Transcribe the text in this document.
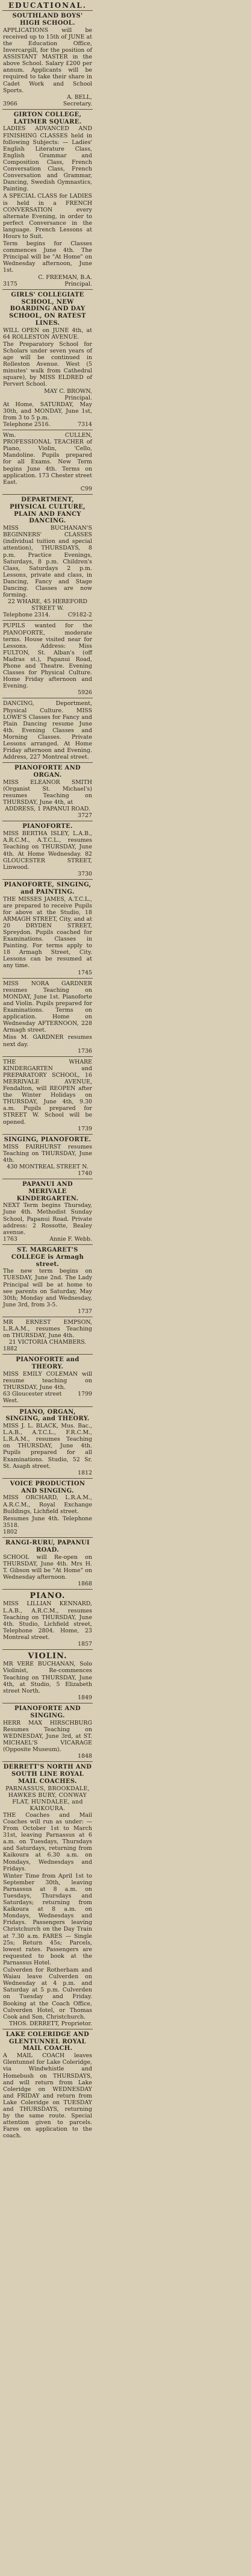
EDUCATIONAL.
SOUTHLAND BOYS' HIGH SCHOOL.

APPLICATIONS will be received up to 15th of JUNE at the Education Office, Invercargill, for the position of ASSISTANT MASTER in the above School. Salary £200 per annum. Applicants will be required to take their share in Cadet Work and School Sports.

A. BELL,
3966	Secretary.
GIRTON COLLEGE, LATIMER SQUARE.

LADIES ADVANCED AND FINISHING CLASSES held in following Subjects: — Ladies' English Literature Class, English Grammar and Composition Class, French Conversation Class, French Conversation and Grammar, Dancing, Swedish Gymnastics, Painting.

A SPECIAL CLASS for LADIES is held in a FRENCH CONVERSATION every alternate Evening, in order to perfect Conversance in the language. French Lessons at Hours to Suit.

Term begins for Classes commences June 4th. The Principal will be "At Home" on Wednesday afternoon, June 1st.

C. FREEMAN, B.A.
3175	Principal.
GIRLS' COLLEGIATE SCHOOL, NEW BOARDING AND DAY SCHOOL, ON RATEST LINES.

WILL OPEN on JUNE 4th, at 64 ROLLESTON AVENUE.

The Preparatory School for Scholars under seven years of age will be continued in Rolleston Avenue. West (5 minutes' walk from Cathedral square), by MISS ELDRED of Pervert School.

MAY C. BROWN,
Principal.

At Home, SATURDAY, May 30th, and MONDAY, June 1st, from 3 to 5 p.m.

Telephone 2516.	7314

Wm. CULLEN, PROFESSIONAL TEACHER of Piano, Violin, 'Cello, Mandoline. Pupils prepared for all Exams. New Term begins June 4th. Terms on application. 173 Chester street East.

C99
DEPARTMENT, PHYSICAL CULTURE, PLAIN AND FANCY DANCING.

MISS BUCHANAN'S BEGINNERS' CLASSES (individual tuition and special attention), THURSDAYS, 8 p.m. Practice Evenings, Saturdays, 8 p.m. Children's Class, Saturdays 2 p.m. Lessons, private and class, in Dancing, Fancy and Stage Dancing. Classes are now forming.

22 WHARE, 45 HEREFORD STREET W.
Telephone 2314.	C9182-2

PUPILS wanted for the PIANOFORTE, moderate terms. House visited near for Lessons. Address: Miss FULTON, St. Alban's (off Madras st.), Papanui Road, Phone and Theatre. Evening Classes for Physical Culture. Home Friday afternoon and Evening.

5926

DANCING, Deportment, Physical Culture. MISS LOWE'S Classes for Fancy and Plain Dancing resume June 4th. Evening Classes and Morning Classes. Private Lessons arranged. At Home Friday afternoon and Evening. Address, 227 Montreal street.

PIANOFORTE AND ORGAN.

MISS ELEANOR SMITH (Organist St. Michael's) resumes Teaching on THURSDAY, June 4th, at

ADDRESS, 1 PAPANUI ROAD.
3727
PIANOFORTE.

MISS BERTHA ISLEY, L.A.B., A.R.C.M., A.T.C.L., resumes Teaching on THURSDAY, June 4th. At Home Wednesday. 82 GLOUCESTER STREET, Linwood.

3730
PIANOFORTE, SINGING, and PAINTING.

THE MISSES JAMES, A.T.C.L., are prepared to receive Pupils for above at the Studio, 18 ARMAGH STREET, City, and at 20 DRYDEN STREET, Spreydon. Pupils coached for Examinations. Classes in Painting. For terms apply to 18 Armagh Street, City. Lessons can be resumed at any time.

1745

MISS NORA GARDNER resumes Teaching on MONDAY, June 1st. Pianoforte and Violin. Pupils prepared for Examinations. Terms on application. Home on Wednesday AFTERNOON, 228 Armagh street.

Miss M. GARDNER resumes next day.

1736

THE WHARE KINDERGARTEN and PREPARATORY SCHOOL, 16 MERRIVALE AVENUE, Fendalton, will REOPEN after the Winter Holidays on THURSDAY, June 4th, 9.30 a.m. Pupils prepared for STREET W. School will be opened.

1739
SINGING, PIANOFORTE.

MISS FAIRHURST resumes Teaching on THURSDAY, June 4th.

430 MONTREAL STREET N.
1740
PAPANUI AND MERIVALE KINDERGARTEN.

NEXT Term begins Thursday, June 4th. Methodist Sunday School, Papanui Road. Private address: 2 Rossotte, Bealey avenue.

1763	Annie F. Webb.
ST. MARGARET'S COLLEGE is Armagh street.

The new term begins on TUESDAY, June 2nd. The Lady Principal will be at home to see parents on Saturday, May 30th; Monday and Wednesday, June 3rd, from 3-5.

1737

MR ERNEST EMPSON, L.R.A.M., resumes Teaching on THURSDAY, June 4th.

21 VICTORIA CHAMBERS.
1882
PIANOFORTE and THEORY.

MISS EMILY COLEMAN will resume teaching on THURSDAY, June 4th.

63 Gloucester street West.
1799
PIANO, ORGAN, SINGING, and THEORY.

MISS J. L. BLACK, Mus. Bac., L.A.B., A.T.C.L., F.R.C.M., L.R.A.M., resumes Teaching on THURSDAY, June 4th. Pupils prepared for all Examinations. Studio, 52 Sr. St. Asaph street.

1812
VOICE PRODUCTION AND SINGING.

MISS ORCHARD, L.R.A.M., A.R.C.M., Royal Exchange Buildings, Lichfield street.

Resumes June 4th. Telephone 3518.

1802
RANGI-RURU, PAPANUI ROAD.

SCHOOL will Re-open on THURSDAY, June 4th. Mrs H. T. Gibson will be "At Home" on Wednesday afternoon.

1868
PIANO.

MISS LILLIAN KENNARD, L.A.B., A.R.C.M., resumes Teaching on THURSDAY, June 4th. Studio, Lichfield street, Telephone 2804. Home, 23 Montreal street.

1857
VIOLIN.

MR VERE BUCHANAN, Solo Violinist, Re-commences Teaching on THURSDAY, June 4th, at Studio, 5 Elizabeth street North.

1849
PIANOFORTE AND SINGING.

HERR MAX HIRSCHBURG Resumes Teaching on WEDNESDAY, June 3rd, at ST. MICHAEL'S VICARAGE (Opposite Museum).

1848
DERRETT'S NORTH AND SOUTH LINE ROYAL MAIL COACHES.
PARNASSUS, BROOKDALE, HAWKES BURY, CONWAY FLAT, HUNDALEE, and KAIKOURA.

THE Coaches and Mail Coaches will run as under: — From October 1st to March 31st, leaving Parnassus at 6 a.m. on Tuesdays, Thursdays and Saturdays, returning from Kaikoura at 6.30 a.m. on Mondays, Wednesdays and Fridays.

Winter Time from April 1st to September 30th, leaving Parnassus at 8 a.m. on Tuesdays, Thursdays and Saturdays; returning from Kaikoura at 8 a.m. on Mondays, Wednesdays and Fridays. Passengers leaving Christchurch on the Day Train at 7.30 a.m. FARES — Single 25s; Return 45s; Parcels, lowest rates. Passengers are requested to book at the Parnassus Hotel.

Culverden for Rotherham and Waiau leave Culverden on Wednesday at 4 p.m. and Saturday at 5 p.m. Culverden on Tuesday and Friday. Booking at the Coach Office, Culverden Hotel, or Thomas Cook and Son, Christchurch.

THOS. DERRETT, Proprietor.
LAKE COLERIDGE AND GLENTUNNEL ROYAL MAIL COACH.

A MAIL COACH leaves Glentunnel for Lake Coleridge, via Windwhistle and Homebush on THURSDAYS, and will return from Lake Coleridge on WEDNESDAY and FRIDAY and return from Lake Coleridge on TUESDAY and THURSDAYS, returning by the same route. Special attention given to parcels. Fares on application to the coach.
